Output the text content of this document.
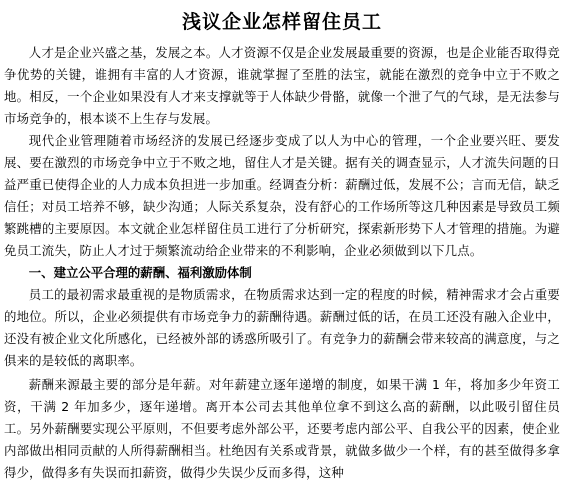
浅议企业怎样留住员工

人才是企业兴盛之基，发展之本。人才资源不仅是企业发展最重要的资源，也是企业能否取得竞争优势的关键，谁拥有丰富的人才资源，谁就掌握了至胜的法宝，就能在激烈的竞争中立于不败之地。相反，一个企业如果没有人才来支撑就等于人体缺少骨骼，就像一个泄了气的气球，是无法参与市场竞争的，根本谈不上生存与发展。

现代企业管理随着市场经济的发展已经逐步变成了以人为中心的管理，一个企业要兴旺、要发展、要在激烈的市场竞争中立于不败之地，留住人才是关键。据有关的调查显示，人才流失问题的日益严重已使得企业的人力成本负担进一步加重。经调查分析：薪酬过低，发展不公；言而无信，缺乏信任；对员工培养不够，缺少沟通；人际关系复杂，没有舒心的工作场所等这几种因素是导致员工频繁跳槽的主要原因。本文就企业怎样留住员工进行了分析研究，探索新形势下人才管理的措施。为避免员工流失，防止人才过于频繁流动给企业带来的不利影响，企业必须做到以下几点。

一、建立公平合理的薪酬、福利激励体制

员工的最初需求最重视的是物质需求，在物质需求达到一定的程度的时候，精神需求才会占重要的地位。所以，企业必须提供有市场竞争力的薪酬待遇。薪酬过低的话，在员工还没有融入企业中，还没有被企业文化所感化，已经被外部的诱惑所吸引了。有竞争力的薪酬会带来较高的满意度，与之俱来的是较低的离职率。

薪酬来源最主要的部分是年薪。对年薪建立逐年递增的制度，如果干满 1 年，将加多少年资工资，干满 2 年加多少，逐年递增。离开本公司去其他单位拿不到这么高的薪酬，以此吸引留住员工。另外薪酬要实现公平原则，不但要考虑外部公平，还要考虑内部公平、自我公平的因素，使企业内部做出相同贡献的人所得薪酬相当。杜绝因有关系或背景，就做多做少一个样，有的甚至做得多拿得少，做得多有失误而扣薪资，做得少失误少反而多得，这种
